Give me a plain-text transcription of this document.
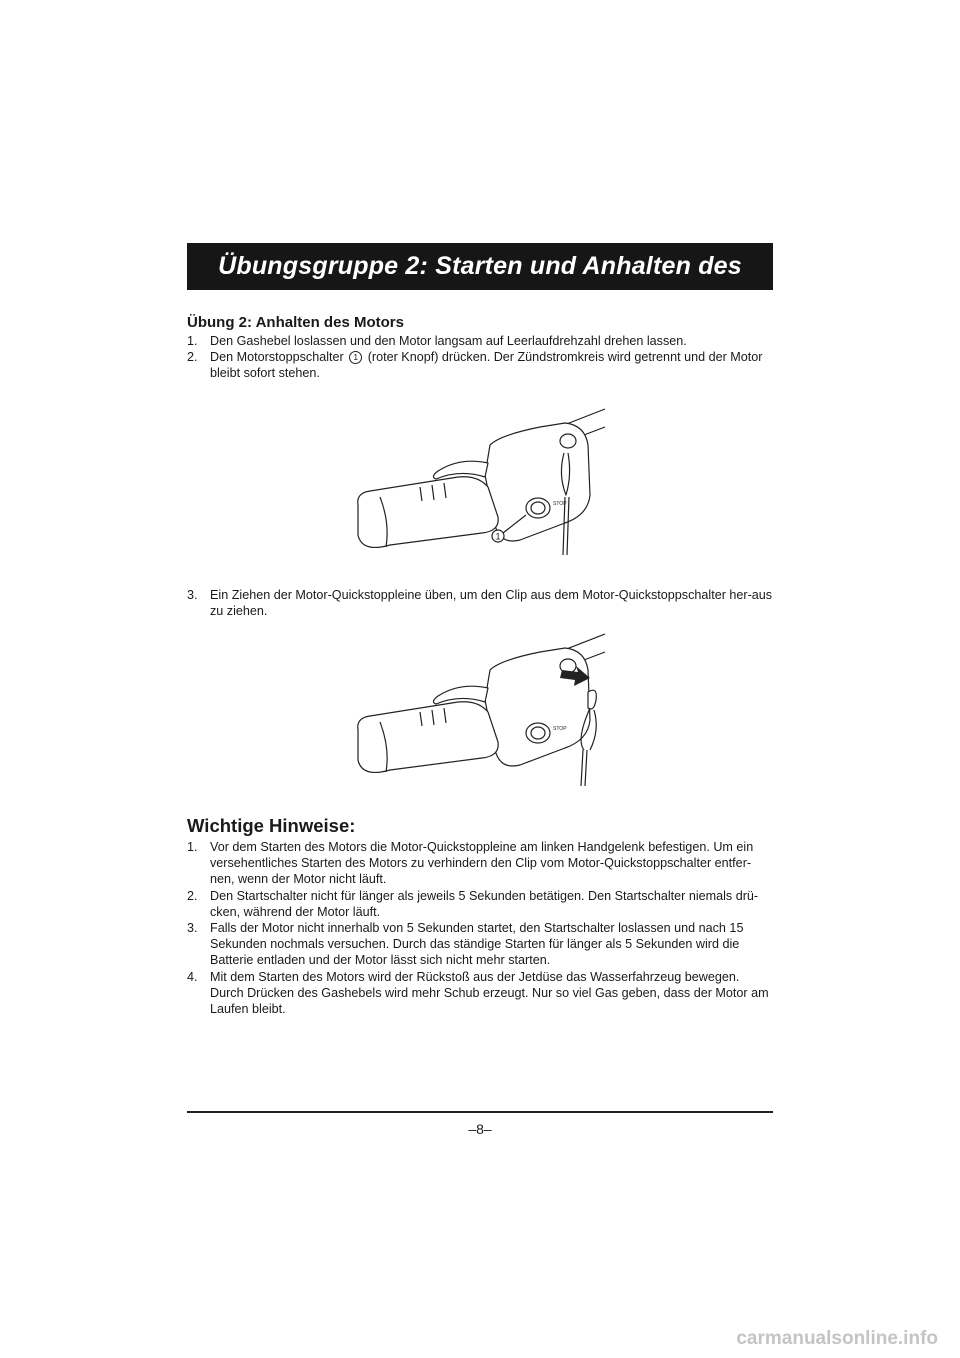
Übungsgruppe 2: Starten und Anhalten des Motors
Übung 2: Anhalten des Motors
1. Den Gashebel loslassen und den Motor langsam auf Leerlaufdrehzahl drehen lassen.
2. Den Motorstoppschalter 1 (roter Knopf) drücken. Der Zündstromkreis wird getrennt und der Motor bleibt sofort stehen.
1
STOP
3. Ein Ziehen der Motor-Quickstoppleine üben, um den Clip aus dem Motor-Quickstoppschalter her-aus zu ziehen.
STOP
Wichtige Hinweise:
1. Vor dem Starten des Motors die Motor-Quickstoppleine am linken Handgelenk befestigen. Um ein versehentliches Starten des Motors zu verhindern den Clip vom Motor-Quickstoppschalter entfer-nen, wenn der Motor nicht läuft.
2. Den Startschalter nicht für länger als jeweils 5 Sekunden betätigen. Den Startschalter niemals drü-cken, während der Motor läuft.
3. Falls der Motor nicht innerhalb von 5 Sekunden startet, den Startschalter loslassen und nach 15 Sekunden nochmals versuchen. Durch das ständige Starten für länger als 5 Sekunden wird die Batterie entladen und der Motor lässt sich nicht mehr starten.
4. Mit dem Starten des Motors wird der Rückstoß aus der Jetdüse das Wasserfahrzeug bewegen. Durch Drücken des Gashebels wird mehr Schub erzeugt. Nur so viel Gas geben, dass der Motor am Laufen bleibt.
–8–
carmanualsonline.info
